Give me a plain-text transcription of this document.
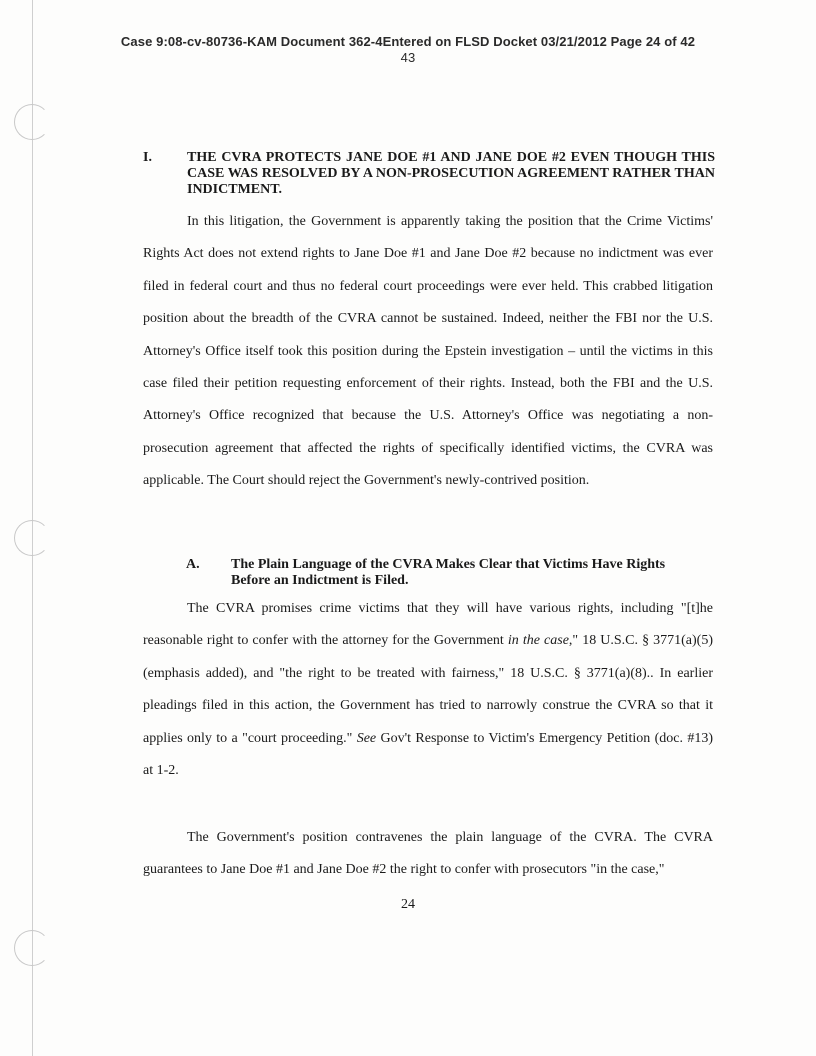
Case 9:08-cv-80736-KAM Document 362-4Entered on FLSD Docket 03/21/2012 Page 24 of 42
43
I.	THE CVRA PROTECTS JANE DOE #1 AND JANE DOE #2 EVEN THOUGH THIS CASE WAS RESOLVED BY A NON-PROSECUTION AGREEMENT RATHER THAN INDICTMENT.

In this litigation, the Government is apparently taking the position that the Crime Victims' Rights Act does not extend rights to Jane Doe #1 and Jane Doe #2 because no indictment was ever filed in federal court and thus no federal court proceedings were ever held. This crabbed litigation position about the breadth of the CVRA cannot be sustained. Indeed, neither the FBI nor the U.S. Attorney's Office itself took this position during the Epstein investigation – until the victims in this case filed their petition requesting enforcement of their rights. Instead, both the FBI and the U.S. Attorney's Office recognized that because the U.S. Attorney's Office was negotiating a non-prosecution agreement that affected the rights of specifically identified victims, the CVRA was applicable. The Court should reject the Government's newly-contrived position.

A. The Plain Language of the CVRA Makes Clear that Victims Have Rights Before an Indictment is Filed.

The CVRA promises crime victims that they will have various rights, including "[t]he reasonable right to confer with the attorney for the Government in the case," 18 U.S.C. § 3771(a)(5) (emphasis added), and "the right to be treated with fairness," 18 U.S.C. § 3771(a)(8).. In earlier pleadings filed in this action, the Government has tried to narrowly construe the CVRA so that it applies only to a "court proceeding." See Gov't Response to Victim's Emergency Petition (doc. #13) at 1-2.

The Government's position contravenes the plain language of the CVRA. The CVRA guarantees to Jane Doe #1 and Jane Doe #2 the right to confer with prosecutors "in the case,"

24
